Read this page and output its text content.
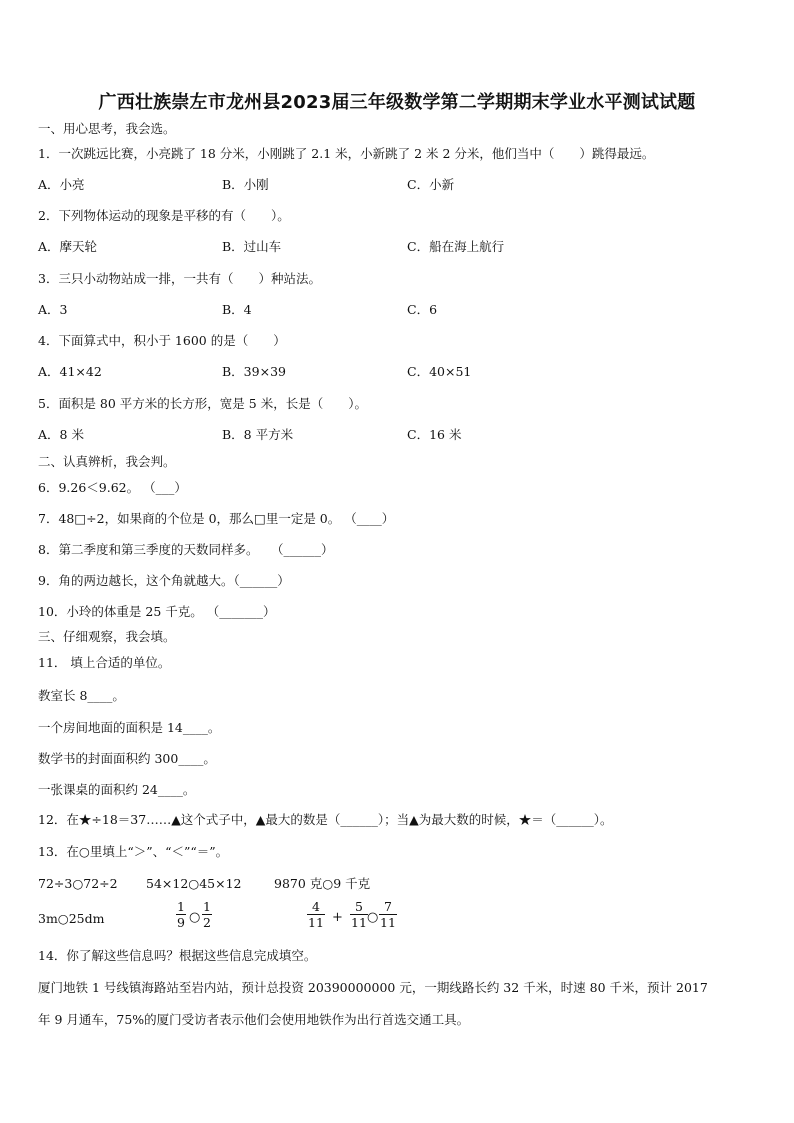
广西壮族崇左市龙州县2023届三年级数学第二学期期末学业水平测试试题
一、用心思考，我会选。
1．一次跳远比赛，小亮跳了 18 分米，小刚跳了 2.1 米，小新跳了 2 米 2 分米，他们当中（　　）跳得最远。
A．小亮	B．小刚	C．小新
2．下列物体运动的现象是平移的有（　　）。
A．摩天轮	B．过山车	C．船在海上航行
3．三只小动物站成一排，一共有（　　）种站法。
A．3	B．4	C．6
4．下面算式中，积小于 1600 的是（　　）
A．41×42	B．39×39	C．40×51
5．面积是 80 平方米的长方形，宽是 5 米，长是（　　）。
A．8 米	B．8 平方米	C．16 米
二、认真辨析，我会判。
6．9.26＜9.62。 （___）
7．48□÷2，如果商的个位是 0，那么□里一定是 0。 （____）
8．第二季度和第三季度的天数同样多。　　（______）
9．角的两边越长，这个角就越大。（______）
10．小玲的体重是 25 千克。 （_______）
三、仔细观察，我会填。
11． 填上合适的单位。
教室长 8____。
一个房间地面的面积是 14____。
数学书的封面面积约 300____。
一张课桌的面积约 24____。
12．在★÷18＝37……▲这个式子中，▲最大的数是（______）；当▲为最大数的时候，★＝（______）。
13．在○里填上“＞”、“＜”“＝”。
72÷3○72÷2 54×12○45×12	9870 克○9 千克
3m○25dm
1
9 ○
1
2
4
11 +
5
11 ○
7
11
14．你了解这些信息吗？根据这些信息完成填空。
厦门地铁 1 号线镇海路站至岩内站，预计总投资 20390000000 元，一期线路长约 32 千米，时速 80 千米，预计 2017
年 9 月通车，75%的厦门受访者表示他们会使用地铁作为出行首选交通工具。
